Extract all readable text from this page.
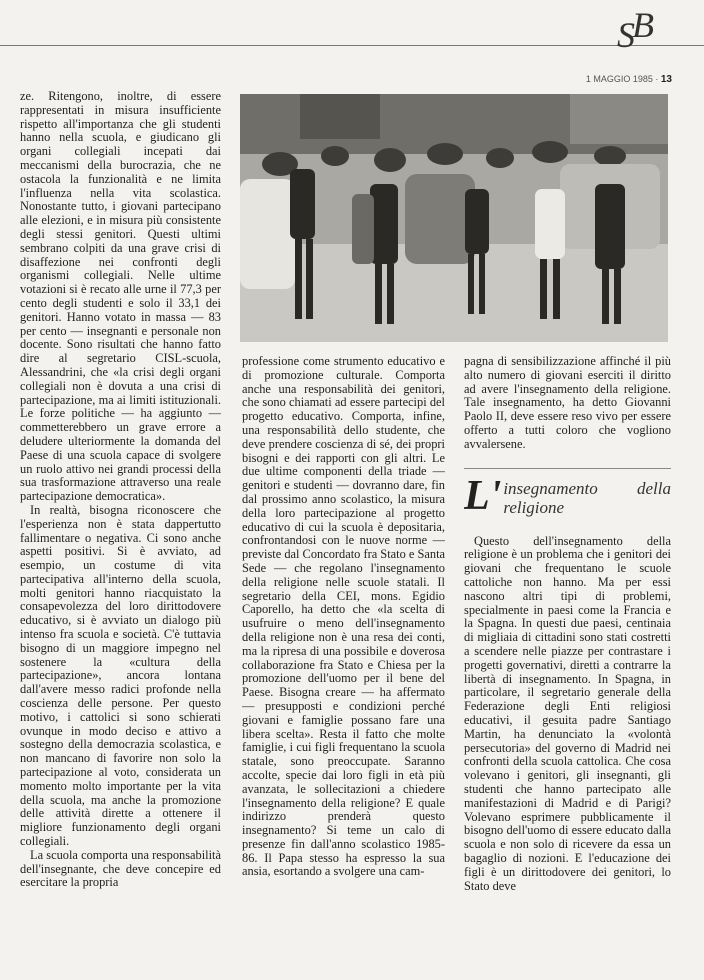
SB
1 MAGGIO 1985 · 13

ze. Ritengono, inoltre, di essere rappresentati in misura insufficiente rispetto all'importanza che gli studenti hanno nella scuola, e giudicano gli organi collegiali incepati dai meccanismi della burocrazia, che ne ostacola la funzionalità e ne limita l'influenza nella vita scolastica. Nonostante tutto, i giovani partecipano alle elezioni, e in misura più consistente degli stessi genitori. Questi ultimi sembrano colpiti da una grave crisi di disaffezione nei confronti degli organismi collegiali. Nelle ultime votazioni si è recato alle urne il 77,3 per cento degli studenti e solo il 33,1 dei genitori. Hanno votato in massa — 83 per cento — insegnanti e personale non docente. Sono risultati che hanno fatto dire al segretario CISL-scuola, Alessandrini, che «la crisi degli organi collegiali non è dovuta a una crisi di partecipazione, ma ai limiti istituzionali. Le forze politiche — ha aggiunto — commetterebbero un grave errore a deludere ulteriormente la domanda del Paese di una scuola capace di svolgere un ruolo attivo nei grandi processi della sua trasformazione attraverso una reale partecipazione democratica».

In realtà, bisogna riconoscere che l'esperienza non è stata dappertutto fallimentare o negativa. Ci sono anche aspetti positivi. Si è avviato, ad esempio, un costume di vita partecipativa all'interno della scuola, molti genitori hanno riacquistato la consapevolezza del loro dirittodovere educativo, si è avviato un dialogo più intenso fra scuola e società. C'è tuttavia bisogno di un maggiore impegno nel sostenere la «cultura della partecipazione», ancora lontana dall'avere messo radici profonde nella coscienza delle persone. Per questo motivo, i cattolici si sono schierati ovunque in modo deciso e attivo a sostegno della democrazia scolastica, e non mancano di favorire non solo la partecipazione al voto, considerata un momento molto importante per la vita della scuola, ma anche la promozione delle attività dirette a ottenere il migliore funzionamento degli organi collegiali.

La scuola comporta una responsabilità dell'insegnante, che deve concepire ed esercitare la propria

professione come strumento educativo e di promozione culturale. Comporta anche una responsabilità dei genitori, che sono chiamati ad essere partecipi del progetto educativo. Comporta, infine, una responsabilità dello studente, che deve prendere coscienza di sé, dei propri bisogni e dei rapporti con gli altri. Le due ultime componenti della triade — genitori e studenti — dovranno dare, fin dal prossimo anno scolastico, la misura della loro partecipazione al progetto educativo di cui la scuola è depositaria, confrontandosi con le nuove norme — previste dal Concordato fra Stato e Santa Sede — che regolano l'insegnamento della religione nelle scuole statali. Il segretario della CEI, mons. Egidio Caporello, ha detto che «la scelta di usufruire o meno dell'insegnamento della religione non è una resa dei conti, ma la ripresa di una possibile e doverosa collaborazione fra Stato e Chiesa per la promozione dell'uomo per il bene del Paese. Bisogna creare — ha affermato — presupposti e condizioni perché giovani e famiglie possano fare una libera scelta». Resta il fatto che molte famiglie, i cui figli frequentano la scuola statale, sono preoccupate. Saranno accolte, specie dai loro figli in età più avanzata, le sollecitazioni a chiedere l'insegnamento della religione? E quale indirizzo prenderà questo insegnamento? Si teme un calo di presenze fin dall'anno scolastico 1985-86. Il Papa stesso ha espresso la sua ansia, esortando a svolgere una cam-

pagna di sensibilizzazione affinché il più alto numero di giovani eserciti il diritto ad avere l'insegnamento della religione. Tale insegnamento, ha detto Giovanni Paolo II, deve essere reso vivo per essere offerto a tutti coloro che vogliono avvalersene.

L' insegnamento della religione

Questo dell'insegnamento della religione è un problema che i genitori dei giovani che frequentano le scuole cattoliche non hanno. Ma per essi nascono altri tipi di problemi, specialmente in paesi come la Francia e la Spagna. In questi due paesi, centinaia di migliaia di cittadini sono stati costretti a scendere nelle piazze per contrastare i progetti governativi, diretti a contrarre la libertà di insegnamento. In Spagna, in particolare, il segretario generale della Federazione degli Enti religiosi educativi, il gesuita padre Santiago Martin, ha denunciato la «volontà persecutoria» del governo di Madrid nei confronti della scuola cattolica. Che cosa volevano i genitori, gli insegnanti, gli studenti che hanno partecipato alle manifestazioni di Madrid e di Parigi? Volevano esprimere pubblicamente il bisogno dell'uomo di essere educato dalla scuola e non solo di ricevere da essa un bagaglio di nozioni. E l'educazione dei figli è un dirittodovere dei genitori, lo Stato deve
